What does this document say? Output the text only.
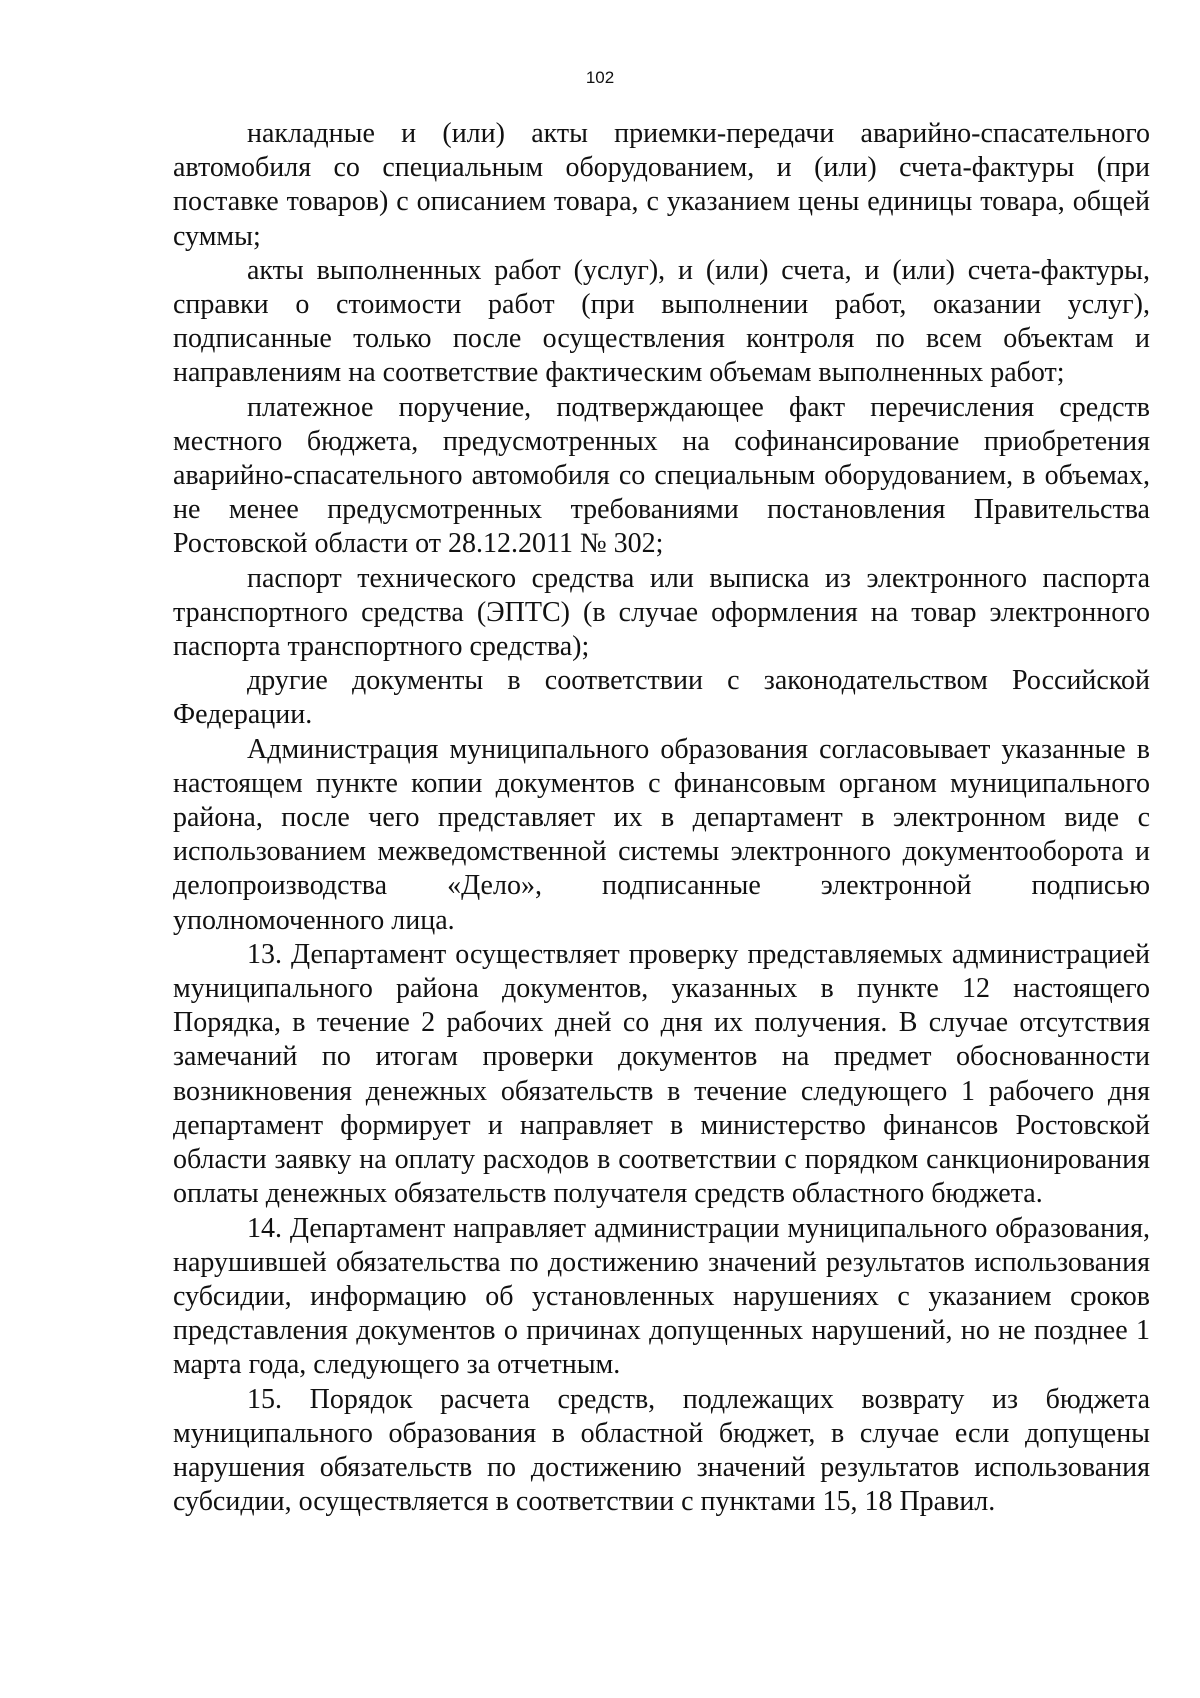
102

накладные и (или) акты приемки-передачи аварийно-спасательного автомобиля со специальным оборудованием, и (или) счета-фактуры (при поставке товаров) с описанием товара, с указанием цены единицы товара, общей суммы;

акты выполненных работ (услуг), и (или) счета, и (или) счета-фактуры, справки о стоимости работ (при выполнении работ, оказании услуг), подписанные только после осуществления контроля по всем объектам и направлениям на соответствие фактическим объемам выполненных работ;

платежное поручение, подтверждающее факт перечисления средств местного бюджета, предусмотренных на софинансирование приобретения аварийно-спасательного автомобиля со специальным оборудованием, в объемах, не менее предусмотренных требованиями постановления Правительства Ростовской области от 28.12.2011 № 302;

паспорт технического средства или выписка из электронного паспорта транспортного средства (ЭПТС) (в случае оформления на товар электронного паспорта транспортного средства);

другие документы в соответствии с законодательством Российской Федерации.

Администрация муниципального образования согласовывает указанные в настоящем пункте копии документов с финансовым органом муниципального района, после чего представляет их в департамент в электронном виде с использованием межведомственной системы электронного документооборота и делопроизводства «Дело», подписанные электронной подписью уполномоченного лица.

13. Департамент осуществляет проверку представляемых администрацией муниципального района документов, указанных в пункте 12 настоящего Порядка, в течение 2 рабочих дней со дня их получения. В случае отсутствия замечаний по итогам проверки документов на предмет обоснованности возникновения денежных обязательств в течение следующего 1 рабочего дня департамент формирует и направляет в министерство финансов Ростовской области заявку на оплату расходов в соответствии с порядком санкционирования оплаты денежных обязательств получателя средств областного бюджета.

14. Департамент направляет администрации муниципального образования, нарушившей обязательства по достижению значений результатов использования субсидии, информацию об установленных нарушениях с указанием сроков представления документов о причинах допущенных нарушений, но не позднее 1 марта года, следующего за отчетным.

15. Порядок расчета средств, подлежащих возврату из бюджета муниципального образования в областной бюджет, в случае если допущены нарушения обязательств по достижению значений результатов использования субсидии, осуществляется в соответствии с пунктами 15, 18 Правил.
